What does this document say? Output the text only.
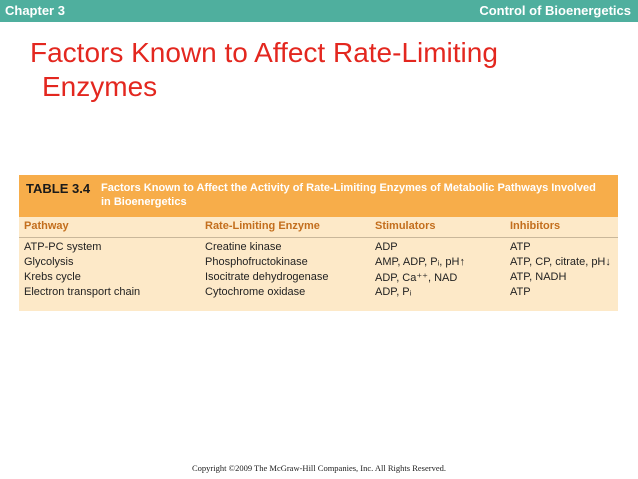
Chapter 3	Control of Bioenergetics
Factors Known to Affect Rate-Limiting
Enzymes
TABLE 3.4 Factors Known to Affect the Activity of Rate-Limiting Enzymes of Metabolic Pathways Involved in Bioenergetics
Pathway	Rate-Limiting Enzyme	Stimulators	Inhibitors
ATP-PC system	Creatine kinase	ADP	ATP
Glycolysis	Phosphofructokinase	AMP, ADP, Pᵢ, pH↑	ATP, CP, citrate, pH↓
Krebs cycle	Isocitrate dehydrogenase	ADP, Ca⁺⁺, NAD	ATP, NADH
Electron transport chain	Cytochrome oxidase	ADP, Pᵢ	ATP
Copyright ©2009 The McGraw-Hill Companies, Inc. All Rights Reserved.
